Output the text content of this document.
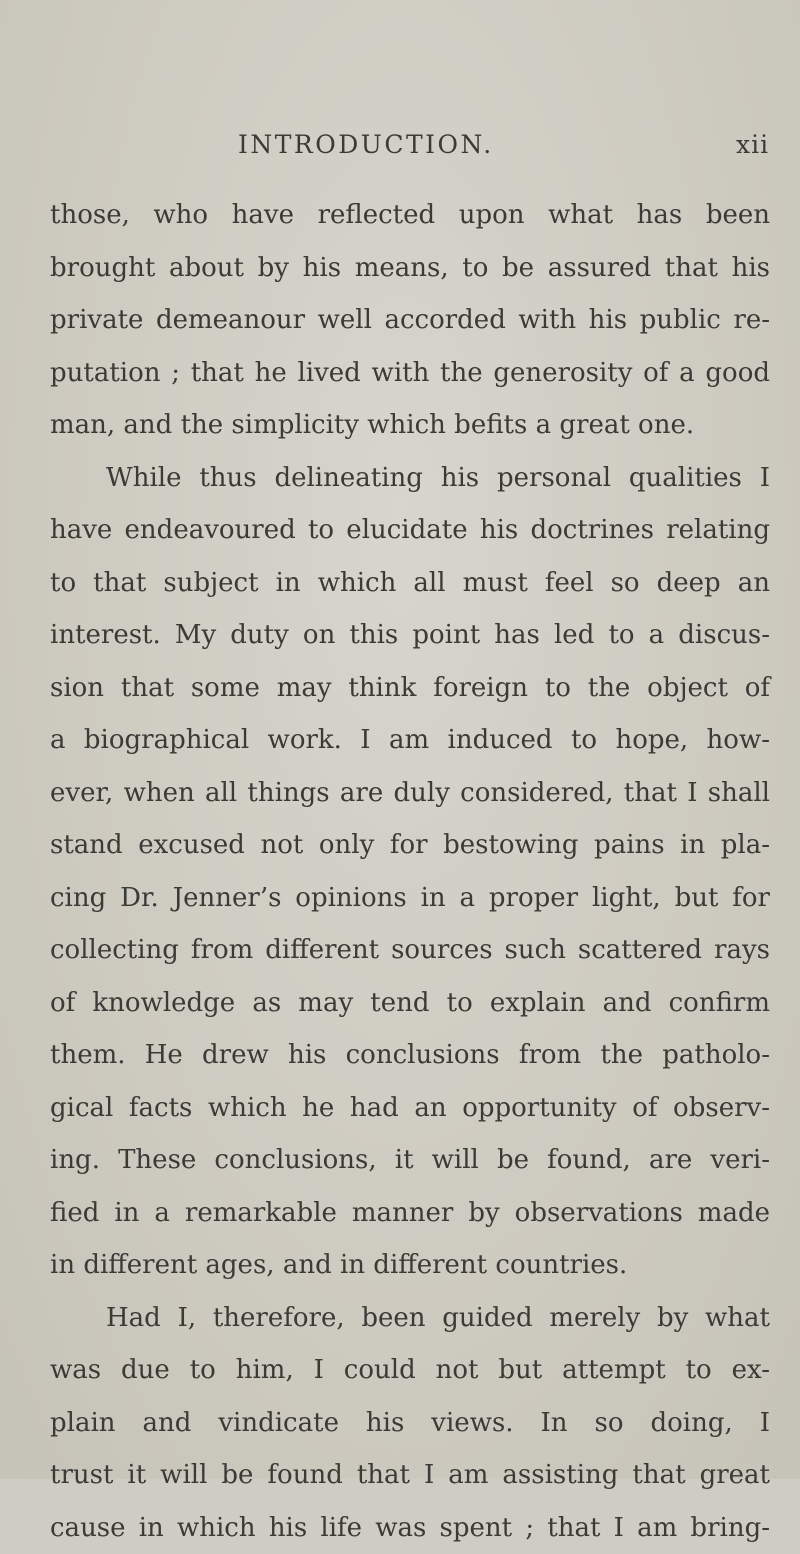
INTRODUCTION.	xii
those, who have reflected upon what has been
brought about by his means, to be assured that his
private demeanour well accorded with his public re-
putation ; that he lived with the generosity of a good
man, and the simplicity which befits a great one.
While thus delineating his personal qualities I
have endeavoured to elucidate his doctrines relating
to that subject in which all must feel so deep an
interest. My duty on this point has led to a discus-
sion that some may think foreign to the object of
a biographical work. I am induced to hope, how-
ever, when all things are duly considered, that I shall
stand excused not only for bestowing pains in pla-
cing Dr. Jenner’s opinions in a proper light, but for
collecting from different sources such scattered rays
of knowledge as may tend to explain and confirm
them. He drew his conclusions from the patholo-
gical facts which he had an opportunity of observ-
ing. These conclusions, it will be found, are veri-
fied in a remarkable manner by observations made
in different ages, and in different countries.
Had I, therefore, been guided merely by what
was due to him, I could not but attempt to ex-
plain and vindicate his views. In so doing, I
trust it will be found that I am assisting that great
cause in which his life was spent ; that I am bring-
